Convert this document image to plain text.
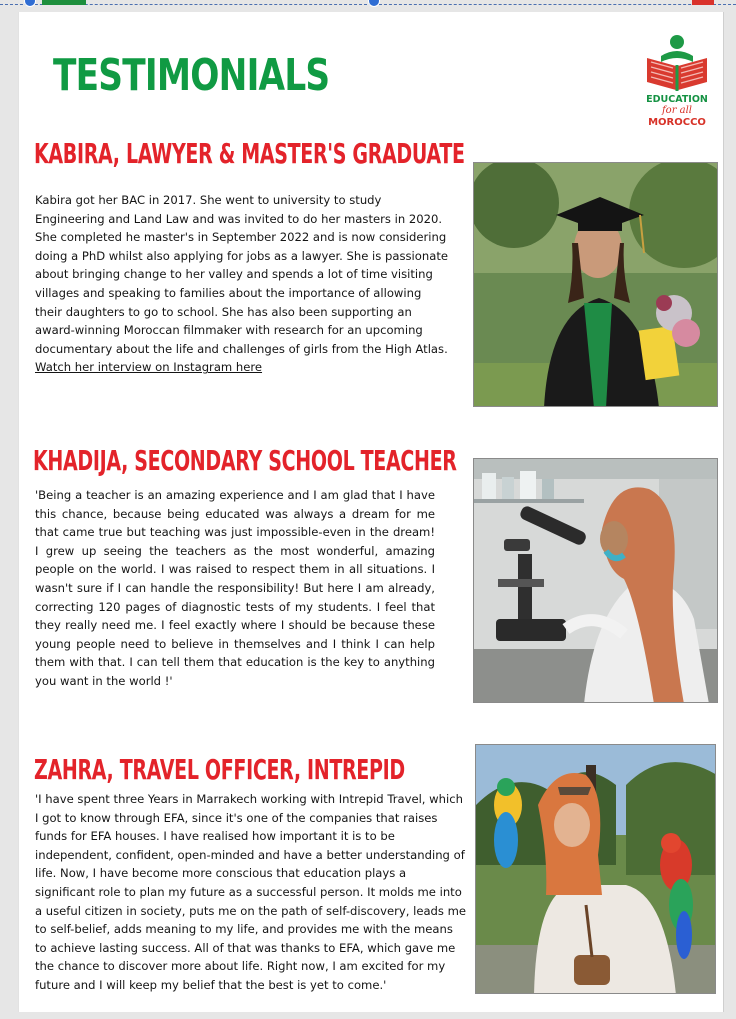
TESTIMONIALS	EDUCATION
for all
MOROCCO
KABIRA, LAWYER & MASTER'S GRADUATE
Kabira got her BAC in 2017. She went to university to study Engineering and Land Law and was invited to do her masters in 2020. She completed he master's in September 2022 and is now considering doing a PhD whilst also applying for jobs as a lawyer. She is passionate about bringing change to her valley and spends a lot of time visiting villages and speaking to families about the importance of allowing their daughters to go to school. She has also been supporting an award-winning Moroccan filmmaker with research for an upcoming documentary about the life and challenges of girls from the High Atlas. Watch her interview on Instagram here
KHADIJA, SECONDARY SCHOOL TEACHER
'Being a teacher is an amazing experience and I am glad that I have this chance, because being educated was always a dream for me that came true but teaching was just impossible-even in the dream! I grew up seeing the teachers as the most wonderful, amazing people on the world. I was raised to respect them in all situations. I wasn't sure if I can handle the responsibility! But here I am already, correcting 120 pages of diagnostic tests of my students. I feel that they really need me. I feel exactly where I should be because these young people need to believe in themselves and I think I can help them with that. I can tell them that education is the key to anything you want in the world !'
ZAHRA, TRAVEL OFFICER, INTREPID
'I have spent three Years in Marrakech working with Intrepid Travel, which I got to know through EFA, since it's one of the companies that raises funds for EFA houses. I have realised how important it is to be independent, confident, open-minded and have a better understanding of life. Now, I have become more conscious that education plays a significant role to plan my future as a successful person. It molds me into a useful citizen in society, puts me on the path of self-discovery, leads me to self-belief, adds meaning to my life, and provides me with the means to achieve lasting success. All of that was thanks to EFA, which gave me the chance to discover more about life. Right now, I am excited for my future and I will keep my belief that the best is yet to come.'
